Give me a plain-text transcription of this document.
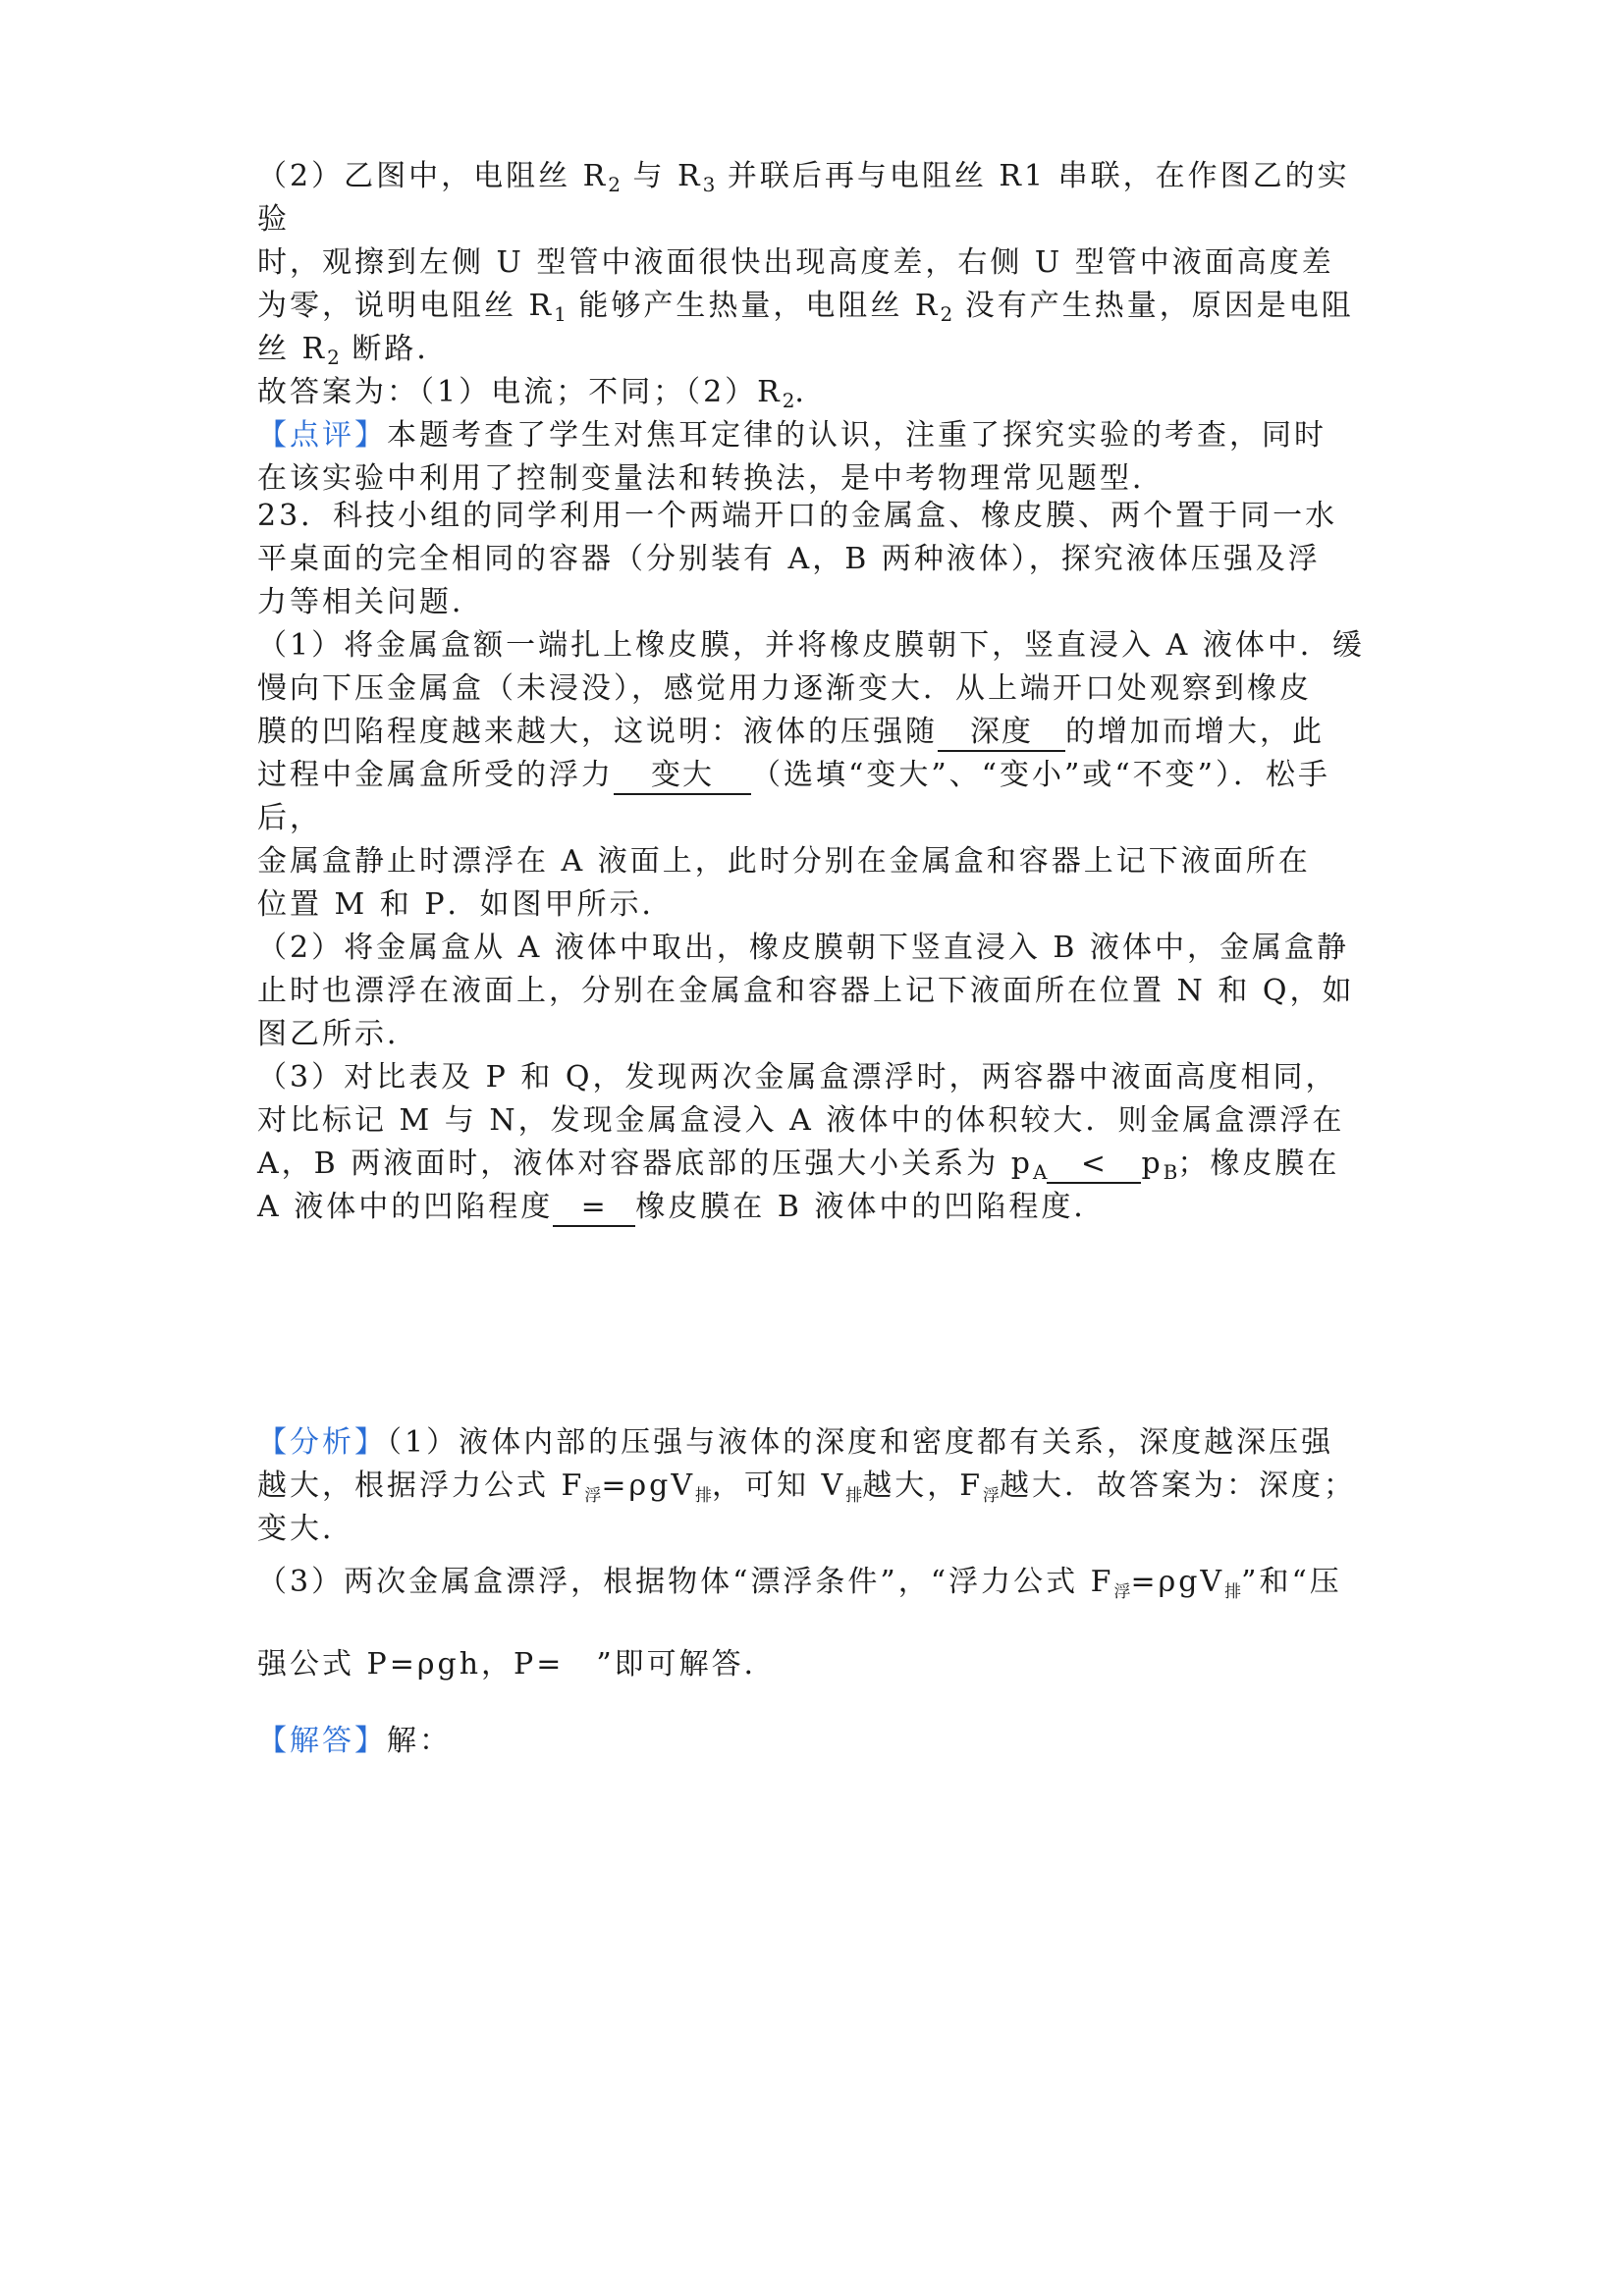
（2）乙图中，电阻丝 $R_2$ 与 $R_3$ 并联后再与电阻丝 R1 串联，在作图乙的实验

时，观擦到左侧 U 型管中液面很快出现高度差，右侧 U 型管中液面高度差

为零，说明电阻丝 $R_1$ 能够产生热量，电阻丝 $R_2$ 没有产生热量，原因是电阻

丝 $R_2$ 断路．

故答案为：（1）电流；不同；$(2)R_2$．

【点评】本题考查了学生对焦耳定律的认识，注重了探究实验的考查，同时

在该实验中利用了控制变量法和转换法，是中考物理常见题型．

23．科技小组的同学利用一个两端开口的金属盒、橡皮膜、两个置于同一水

平桌面的完全相同的容器（分别装有 A，B 两种液体），探究液体压强及浮

力等相关问题．

（1）将金属盒额一端扎上橡皮膜，并将橡皮膜朝下，竖直浸入 A 液体中．缓

慢向下压金属盒（未浸没），感觉用力逐渐变大．从上端开口处观察到橡皮

膜的凹陷程度越来越大，这说明：液体的压强随 深度 的增加而增大，此

过程中金属盒所受的浮力 变大 （选填“变大”、“变小”或“不变”）．松手后，

金属盒静止时漂浮在 A 液面上，此时分别在金属盒和容器上记下液面所在

位置 M 和 P．如图甲所示．

（2）将金属盒从 A 液体中取出，橡皮膜朝下竖直浸入 B 液体中，金属盒静

止时也漂浮在液面上，分别在金属盒和容器上记下液面所在位置 N 和 Q，如

图乙所示．

（3）对比表及 P 和 Q，发现两次金属盒漂浮时，两容器中液面高度相同，

对比标记 M 与 N，发现金属盒浸入 A 液体中的体积较大．则金属盒漂浮在

A，B 两液面时，液体对容器底部的压强大小关系为 $p_A < p_B$；橡皮膜在

A 液体中的凹陷程度 = 橡皮膜在 B 液体中的凹陷程度．

【分析】（1）液体内部的压强与液体的深度和密度都有关系，深度越深压强

越大，根据浮力公式 $F_浮=\rho gV_排$，可知 $V_排$越大，$F_浮$越大．故答案为：深度；

变大．

（3）两次金属盒漂浮，根据物体“漂浮条件”，“浮力公式 $F_浮=\rho gV_排$”和“压

强公式 P=ρgh，P=　”即可解答．

【解答】解：
